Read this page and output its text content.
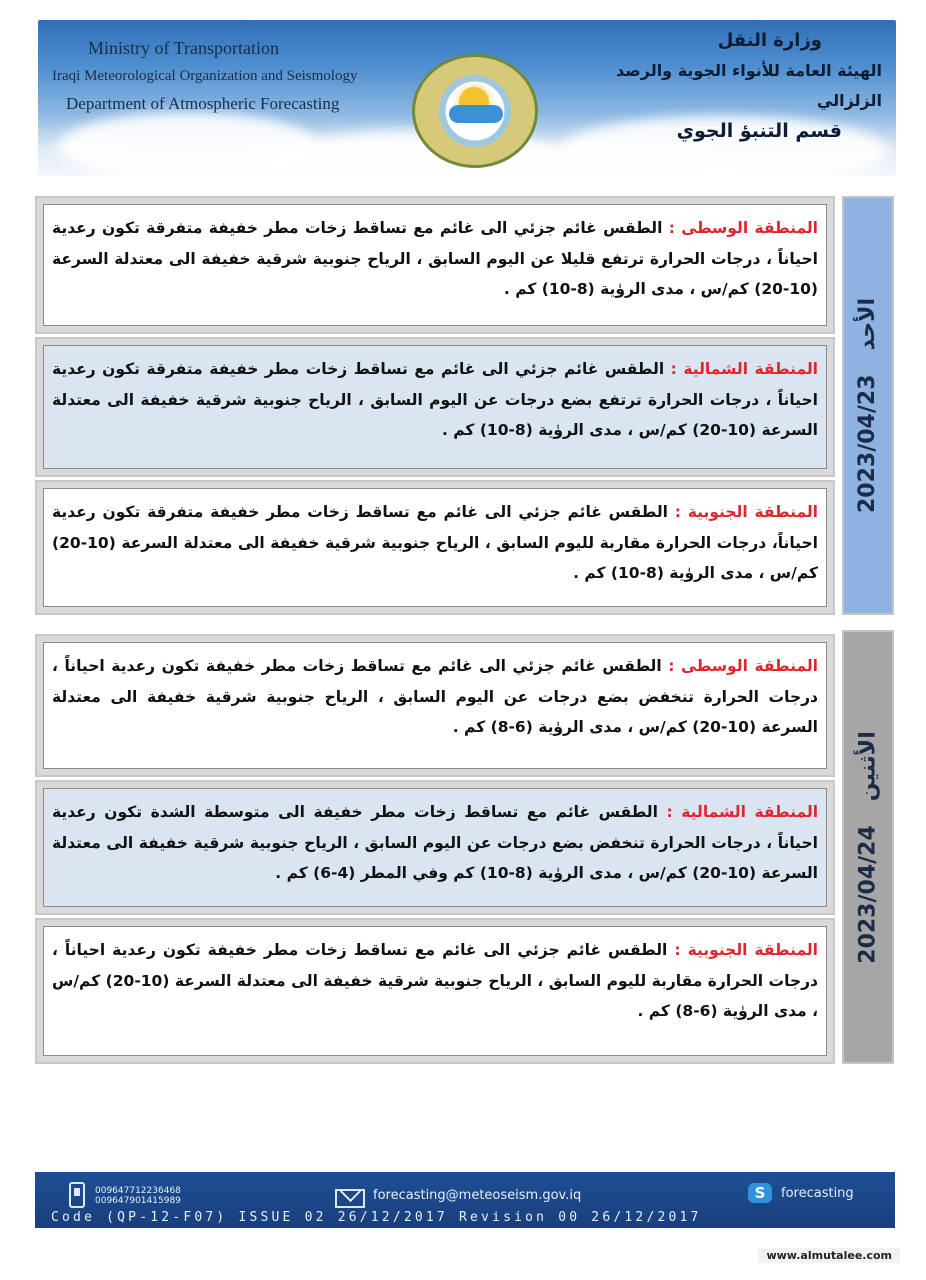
Ministry of Transportation
Iraqi Meteorological Organization and Seismology
Department of Atmospheric Forecasting
وزارة النقل
الهيئة العامة للأنواء الجوية والرصد الزلزالي
قسم التنبؤ الجوي
المنطقة الوسطى : الطقس غائم جزئي الى غائم مع تساقط زخات مطر خفيفة متفرقة تكون رعدية احياناً ، درجات الحرارة ترتفع قليلا عن اليوم السابق ، الرياح جنوبية شرقية خفيفة الى معتدلة السرعة (10-20) كم/س ، مدى الروٰية (8-10) كم .
المنطقة الشمالية : الطقس غائم جزئي الى غائم مع تساقط زخات مطر خفيفة متفرقة تكون رعدية احياناً ، درجات الحرارة ترتفع بضع درجات عن اليوم السابق ، الرياح جنوبية شرقية خفيفة الى معتدلة السرعة (10-20) كم/س ، مدى الروٰية (8-10) كم .
المنطقة الجنوبية : الطقس غائم جزئي الى غائم مع تساقط زخات مطر خفيفة متفرقة تكون رعدية احياناً، درجات الحرارة مقاربة لليوم السابق ، الرياح جنوبية شرقية خفيفة الى معتدلة السرعة (10-20) كم/س ، مدى الروٰية (8-10) كم .
الأحد2023/04/23
المنطقة الوسطى : الطقس غائم جزئي الى غائم مع تساقط زخات مطر خفيفة تكون رعدية احياناً ، درجات الحرارة تنخفض بضع درجات عن اليوم السابق ، الرياح جنوبية شرقية خفيفة الى معتدلة السرعة (10-20) كم/س ، مدى الروٰية (6-8) كم .
المنطقة الشمالية : الطقس غائم مع تساقط زخات مطر خفيفة الى متوسطة الشدة تكون رعدية احياناً ، درجات الحرارة تنخفض بضع درجات عن اليوم السابق ، الرياح جنوبية شرقية خفيفة الى معتدلة السرعة (10-20) كم/س ، مدى الروٰية (8-10) كم وفي المطر (4-6) كم .
المنطقة الجنوبية : الطقس غائم جزئي الى غائم مع تساقط زخات مطر خفيفة تكون رعدية احياناً ، درجات الحرارة مقاربة لليوم السابق ، الرياح جنوبية شرقية خفيفة الى معتدلة السرعة (10-20) كم/س ، مدى الروٰية (6-8) كم .
الأثنين2023/04/24
009647712236468
009647901415989	forecasting@meteoseism.gov.iq	S	forecasting
Code (QP-12-F07) ISSUE 02 26/12/2017 Revision 00 26/12/2017
www.almutalee.com
